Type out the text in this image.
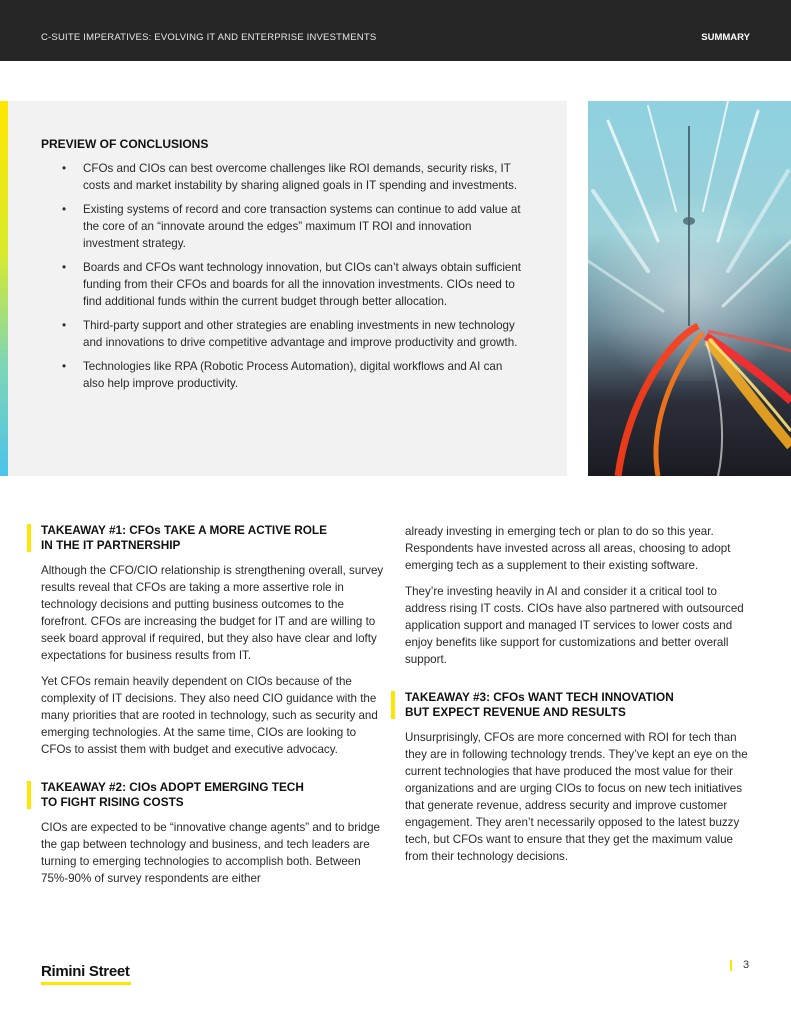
C-SUITE IMPERATIVES: EVOLVING IT AND ENTERPRISE INVESTMENTS	SUMMARY
PREVIEW OF CONCLUSIONS
• CFOs and CIOs can best overcome challenges like ROI demands, security risks, IT costs and market instability by sharing aligned goals in IT spending and investments.
• Existing systems of record and core transaction systems can continue to add value at the core of an “innovate around the edges” maximum IT ROI and innovation investment strategy.
• Boards and CFOs want technology innovation, but CIOs can’t always obtain sufficient funding from their CFOs and boards for all the innovation investments. CIOs need to find additional funds within the current budget through better allocation.
• Third-party support and other strategies are enabling investments in new technology and innovations to drive competitive advantage and improve productivity and growth.
• Technologies like RPA (Robotic Process Automation), digital workflows and AI can also help improve productivity.
TAKEAWAY #1: CFOs TAKE A MORE ACTIVE ROLE
IN THE IT PARTNERSHIP

Although the CFO/CIO relationship is strengthening overall, survey results reveal that CFOs are taking a more assertive role in technology decisions and putting business outcomes to the forefront. CFOs are increasing the budget for IT and are willing to seek board approval if required, but they also have clear and lofty expectations for business results from IT.

Yet CFOs remain heavily dependent on CIOs because of the complexity of IT decisions. They also need CIO guidance with the many priorities that are rooted in technology, such as security and emerging technologies. At the same time, CIOs are looking to CFOs to assist them with budget and executive advocacy.

TAKEAWAY #2: CIOs ADOPT EMERGING TECH
TO FIGHT RISING COSTS

CIOs are expected to be “innovative change agents” and to bridge the gap between technology and business, and tech leaders are turning to emerging technologies to accomplish both. Between 75%-90% of survey respondents are either

already investing in emerging tech or plan to do so this year. Respondents have invested across all areas, choosing to adopt emerging tech as a supplement to their existing software.

They’re investing heavily in AI and consider it a critical tool to address rising IT costs. CIOs have also partnered with outsourced application support and managed IT services to lower costs and enjoy benefits like support for customizations and better overall support.

TAKEAWAY #3: CFOs WANT TECH INNOVATION
BUT EXPECT REVENUE AND RESULTS

Unsurprisingly, CFOs are more concerned with ROI for tech than they are in following technology trends. They’ve kept an eye on the current technologies that have produced the most value for their organizations and are urging CIOs to focus on new tech initiatives that generate revenue, address security and improve customer engagement. They aren’t necessarily opposed to the latest buzzy tech, but CFOs want to ensure that they get the maximum value from their technology decisions.

Rimini Street	3
